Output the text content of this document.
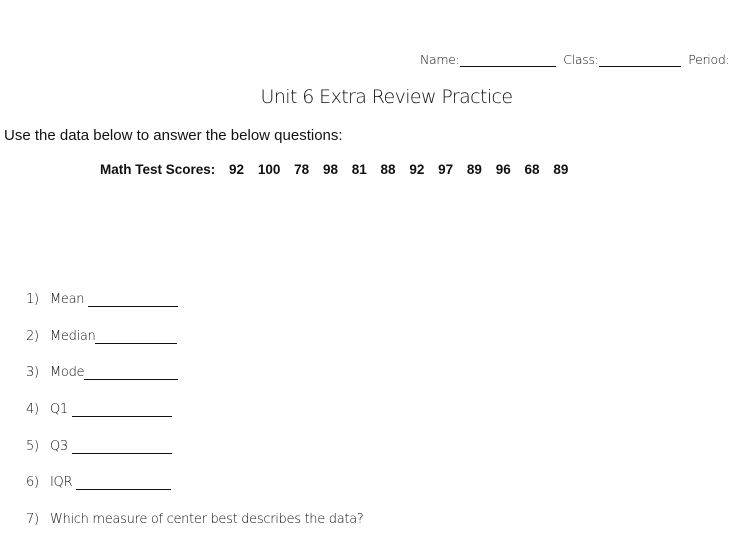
Name:	Class:	Period:
Unit 6 Extra Review Practice
Use the data below to answer the below questions:
Math Test Scores: 92 100 78 98 81 88 92 97 89 96 68 89
1) Mean
2) Median
3) Mode
4) Q1
5) Q3
6) IQR
7) Which measure of center best describes the data?
